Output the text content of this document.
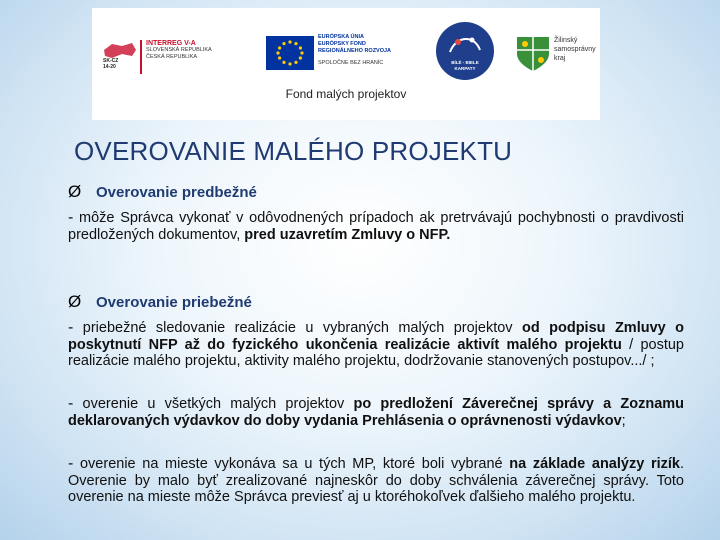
SK-CZ
14-20
INTERREG V-A
SLOVENSKÁ REPUBLIKA
ČESKÁ REPUBLIKA
EURÓPSKA ÚNIA
EURÓPSKY FOND
REGIONÁLNEHO ROZVOJA
SPOLOČNE BEZ HRANÍC	BÍLÉ - BIELE
KARPATY
Žilinský
samosprávny
kraj
Fond malých projektov
OVEROVANIE MALÉHO PROJEKTU
Ø Overovanie predbežné
- môže Správca vykonať v odôvodnených prípadoch ak pretrvávajú pochybnosti o pravdivosti predložených dokumentov, pred uzavretím Zmluvy o NFP.
Ø Overovanie priebežné
- priebežné sledovanie realizácie u vybraných malých projektov od podpisu Zmluvy o poskytnutí NFP až do fyzického ukončenia realizácie aktivít malého projektu / postup realizácie malého projektu, aktivity malého projektu, dodržovanie stanovených postupov.../ ;
- overenie u všetkých malých projektov po predložení Záverečnej správy a Zoznamu deklarovaných výdavkov do doby vydania Prehlásenia o oprávnenosti výdavkov;
- overenie na mieste vykonáva sa u tých MP, ktoré boli vybrané na základe analýzy rizík. Overenie by malo byť zrealizované najneskôr do doby schválenia záverečnej správy. Toto overenie na mieste môže Správca previesť aj u ktoréhokoľvek ďalšieho malého projektu.
